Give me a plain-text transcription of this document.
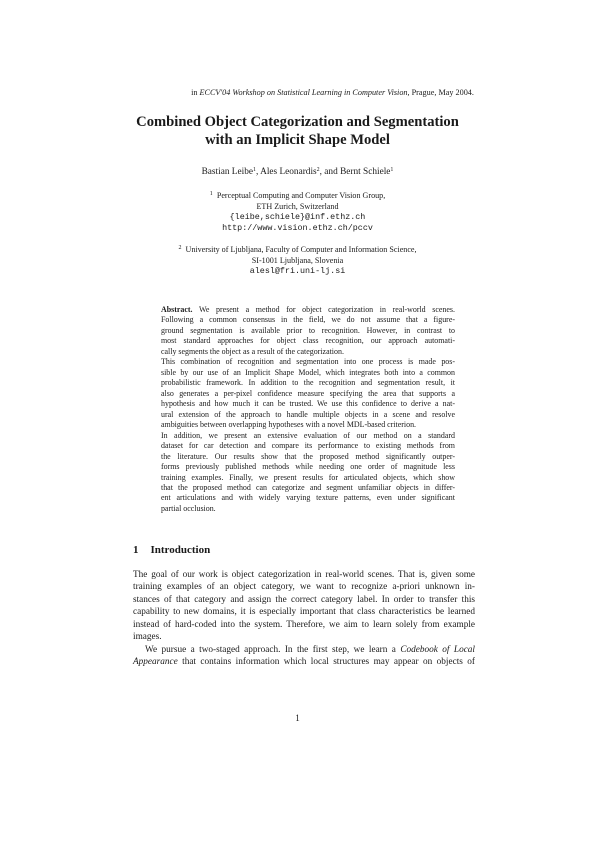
in ECCV'04 Workshop on Statistical Learning in Computer Vision, Prague, May 2004.
Combined Object Categorization and Segmentation
with an Implicit Shape Model
Bastian Leibe$^1$, Ales Leonardis$^2$, and Bernt Schiele$^1$
$^1$ Perceptual Computing and Computer Vision Group,
ETH Zurich, Switzerland
{leibe,schiele}@inf.ethz.ch
http://www.vision.ethz.ch/pccv
$^2$ University of Ljubljana, Faculty of Computer and Information Science,
SI-1001 Ljubljana, Slovenia
alesl@fri.uni-lj.si

Abstract. We present a method for object categorization in real-world scenes.
Following a common consensus in the field, we do not assume that a figure-
ground segmentation is available prior to recognition. However, in contrast to
most standard approaches for object class recognition, our approach automati-
cally segments the object as a result of the categorization.

This combination of recognition and segmentation into one process is made pos-
sible by our use of an Implicit Shape Model, which integrates both into a common
probabilistic framework. In addition to the recognition and segmentation result, it
also generates a per-pixel confidence measure specifying the area that supports a
hypothesis and how much it can be trusted. We use this confidence to derive a nat-
ural extension of the approach to handle multiple objects in a scene and resolve
ambiguities between overlapping hypotheses with a novel MDL-based criterion.
In addition, we present an extensive evaluation of our method on a standard
dataset for car detection and compare its performance to existing methods from
the literature. Our results show that the proposed method significantly outper-
forms previously published methods while needing one order of magnitude less
training examples. Finally, we present results for articulated objects, which show
that the proposed method can categorize and segment unfamiliar objects in differ-
ent articulations and with widely varying texture patterns, even under significant
partial occlusion.

1 Introduction
The goal of our work is object categorization in real-world scenes. That is, given some
training examples of an object category, we want to recognize a-priori unknown in-
stances of that category and assign the correct category label. In order to transfer this
capability to new domains, it is especially important that class characteristics be learned
instead of hard-coded into the system. Therefore, we aim to learn solely from example
images.
We pursue a two-staged approach. In the first step, we learn a Codebook of Local
Appearance that contains information which local structures may appear on objects of
1
